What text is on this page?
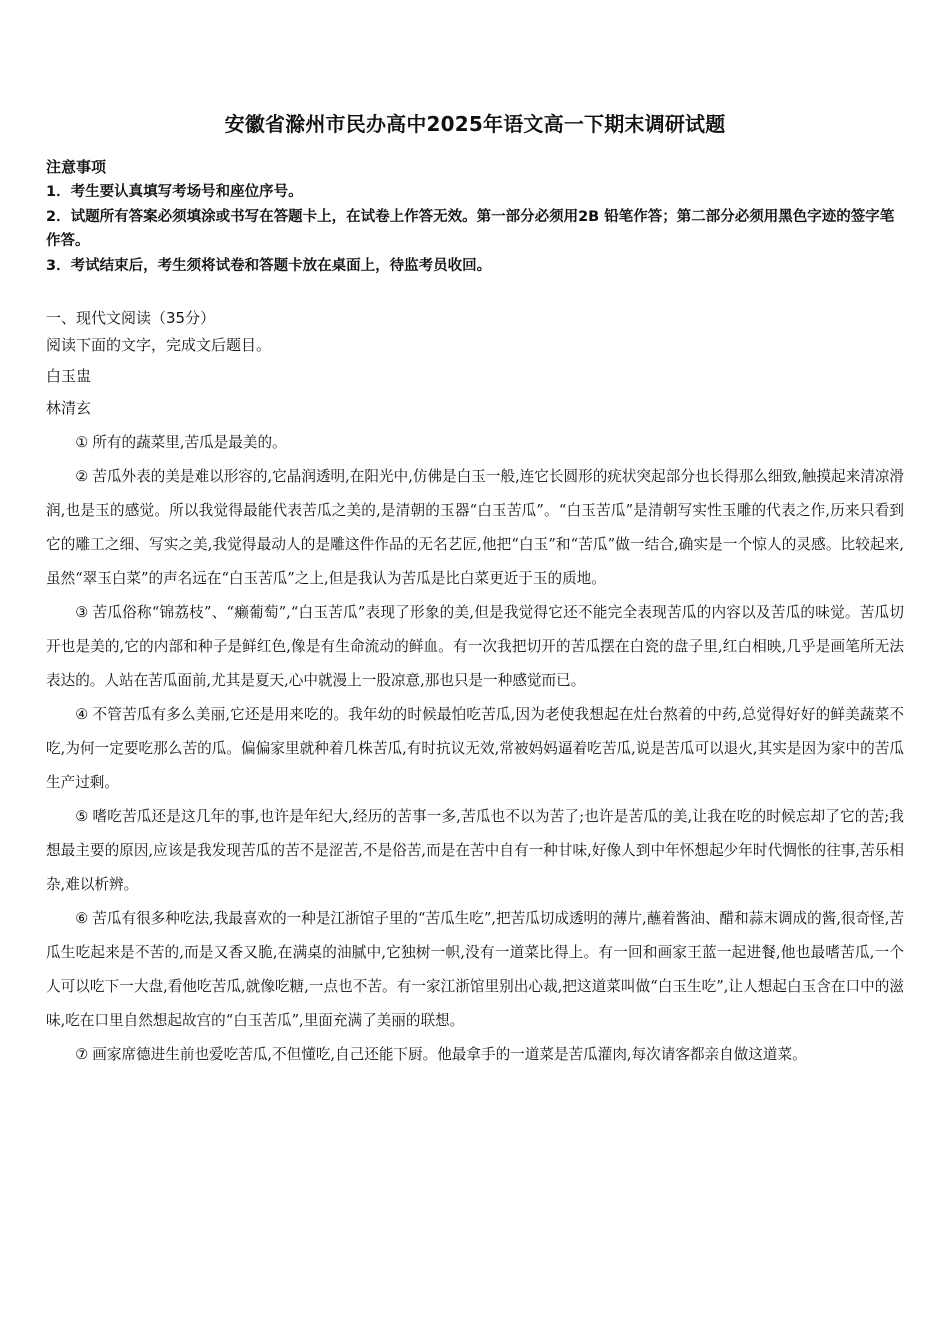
安徽省滁州市民办高中2025年语文高一下期末调研试题
注意事项
1．考生要认真填写考场号和座位序号。
2．试题所有答案必须填涂或书写在答题卡上，在试卷上作答无效。第一部分必须用2B 铅笔作答；第二部分必须用黑色字迹的签字笔作答。
3．考试结束后，考生须将试卷和答题卡放在桌面上，待监考员收回。
一、现代文阅读（35分）
阅读下面的文字，完成文后题目。
白玉盅
林清玄

① 所有的蔬菜里,苦瓜是最美的。

② 苦瓜外表的美是难以形容的,它晶润透明,在阳光中,仿佛是白玉一般,连它长圆形的疣状突起部分也长得那么细致,触摸起来清凉滑润,也是玉的感觉。所以我觉得最能代表苦瓜之美的,是清朝的玉器“白玉苦瓜”。“白玉苦瓜”是清朝写实性玉雕的代表之作,历来只看到它的雕工之细、写实之美,我觉得最动人的是雕这件作品的无名艺匠,他把“白玉”和“苦瓜”做一结合,确实是一个惊人的灵感。比较起来,虽然“翠玉白菜”的声名远在“白玉苦瓜”之上,但是我认为苦瓜是比白菜更近于玉的质地。

③ 苦瓜俗称“锦荔枝”、“癞葡萄”,“白玉苦瓜”表现了形象的美,但是我觉得它还不能完全表现苦瓜的内容以及苦瓜的味觉。苦瓜切开也是美的,它的内部和种子是鲜红色,像是有生命流动的鲜血。有一次我把切开的苦瓜摆在白瓷的盘子里,红白相映,几乎是画笔所无法表达的。人站在苦瓜面前,尤其是夏天,心中就漫上一股凉意,那也只是一种感觉而已。

④ 不管苦瓜有多么美丽,它还是用来吃的。我年幼的时候最怕吃苦瓜,因为老使我想起在灶台熬着的中药,总觉得好好的鲜美蔬菜不吃,为何一定要吃那么苦的瓜。偏偏家里就种着几株苦瓜,有时抗议无效,常被妈妈逼着吃苦瓜,说是苦瓜可以退火,其实是因为家中的苦瓜生产过剩。

⑤ 嗜吃苦瓜还是这几年的事,也许是年纪大,经历的苦事一多,苦瓜也不以为苦了;也许是苦瓜的美,让我在吃的时候忘却了它的苦;我想最主要的原因,应该是我发现苦瓜的苦不是涩苦,不是俗苦,而是在苦中自有一种甘味,好像人到中年怀想起少年时代惆怅的往事,苦乐相杂,难以析辨。

⑥ 苦瓜有很多种吃法,我最喜欢的一种是江浙馆子里的“苦瓜生吃”,把苦瓜切成透明的薄片,蘸着酱油、醋和蒜末调成的酱,很奇怪,苦瓜生吃起来是不苦的,而是又香又脆,在满桌的油腻中,它独树一帜,没有一道菜比得上。有一回和画家王蓝一起进餐,他也最嗜苦瓜,一个人可以吃下一大盘,看他吃苦瓜,就像吃糖,一点也不苦。有一家江浙馆里别出心裁,把这道菜叫做“白玉生吃”,让人想起白玉含在口中的滋味,吃在口里自然想起故宫的“白玉苦瓜”,里面充满了美丽的联想。

⑦ 画家席德进生前也爱吃苦瓜,不但懂吃,自己还能下厨。他最拿手的一道菜是苦瓜灌肉,每次请客都亲自做这道菜。
